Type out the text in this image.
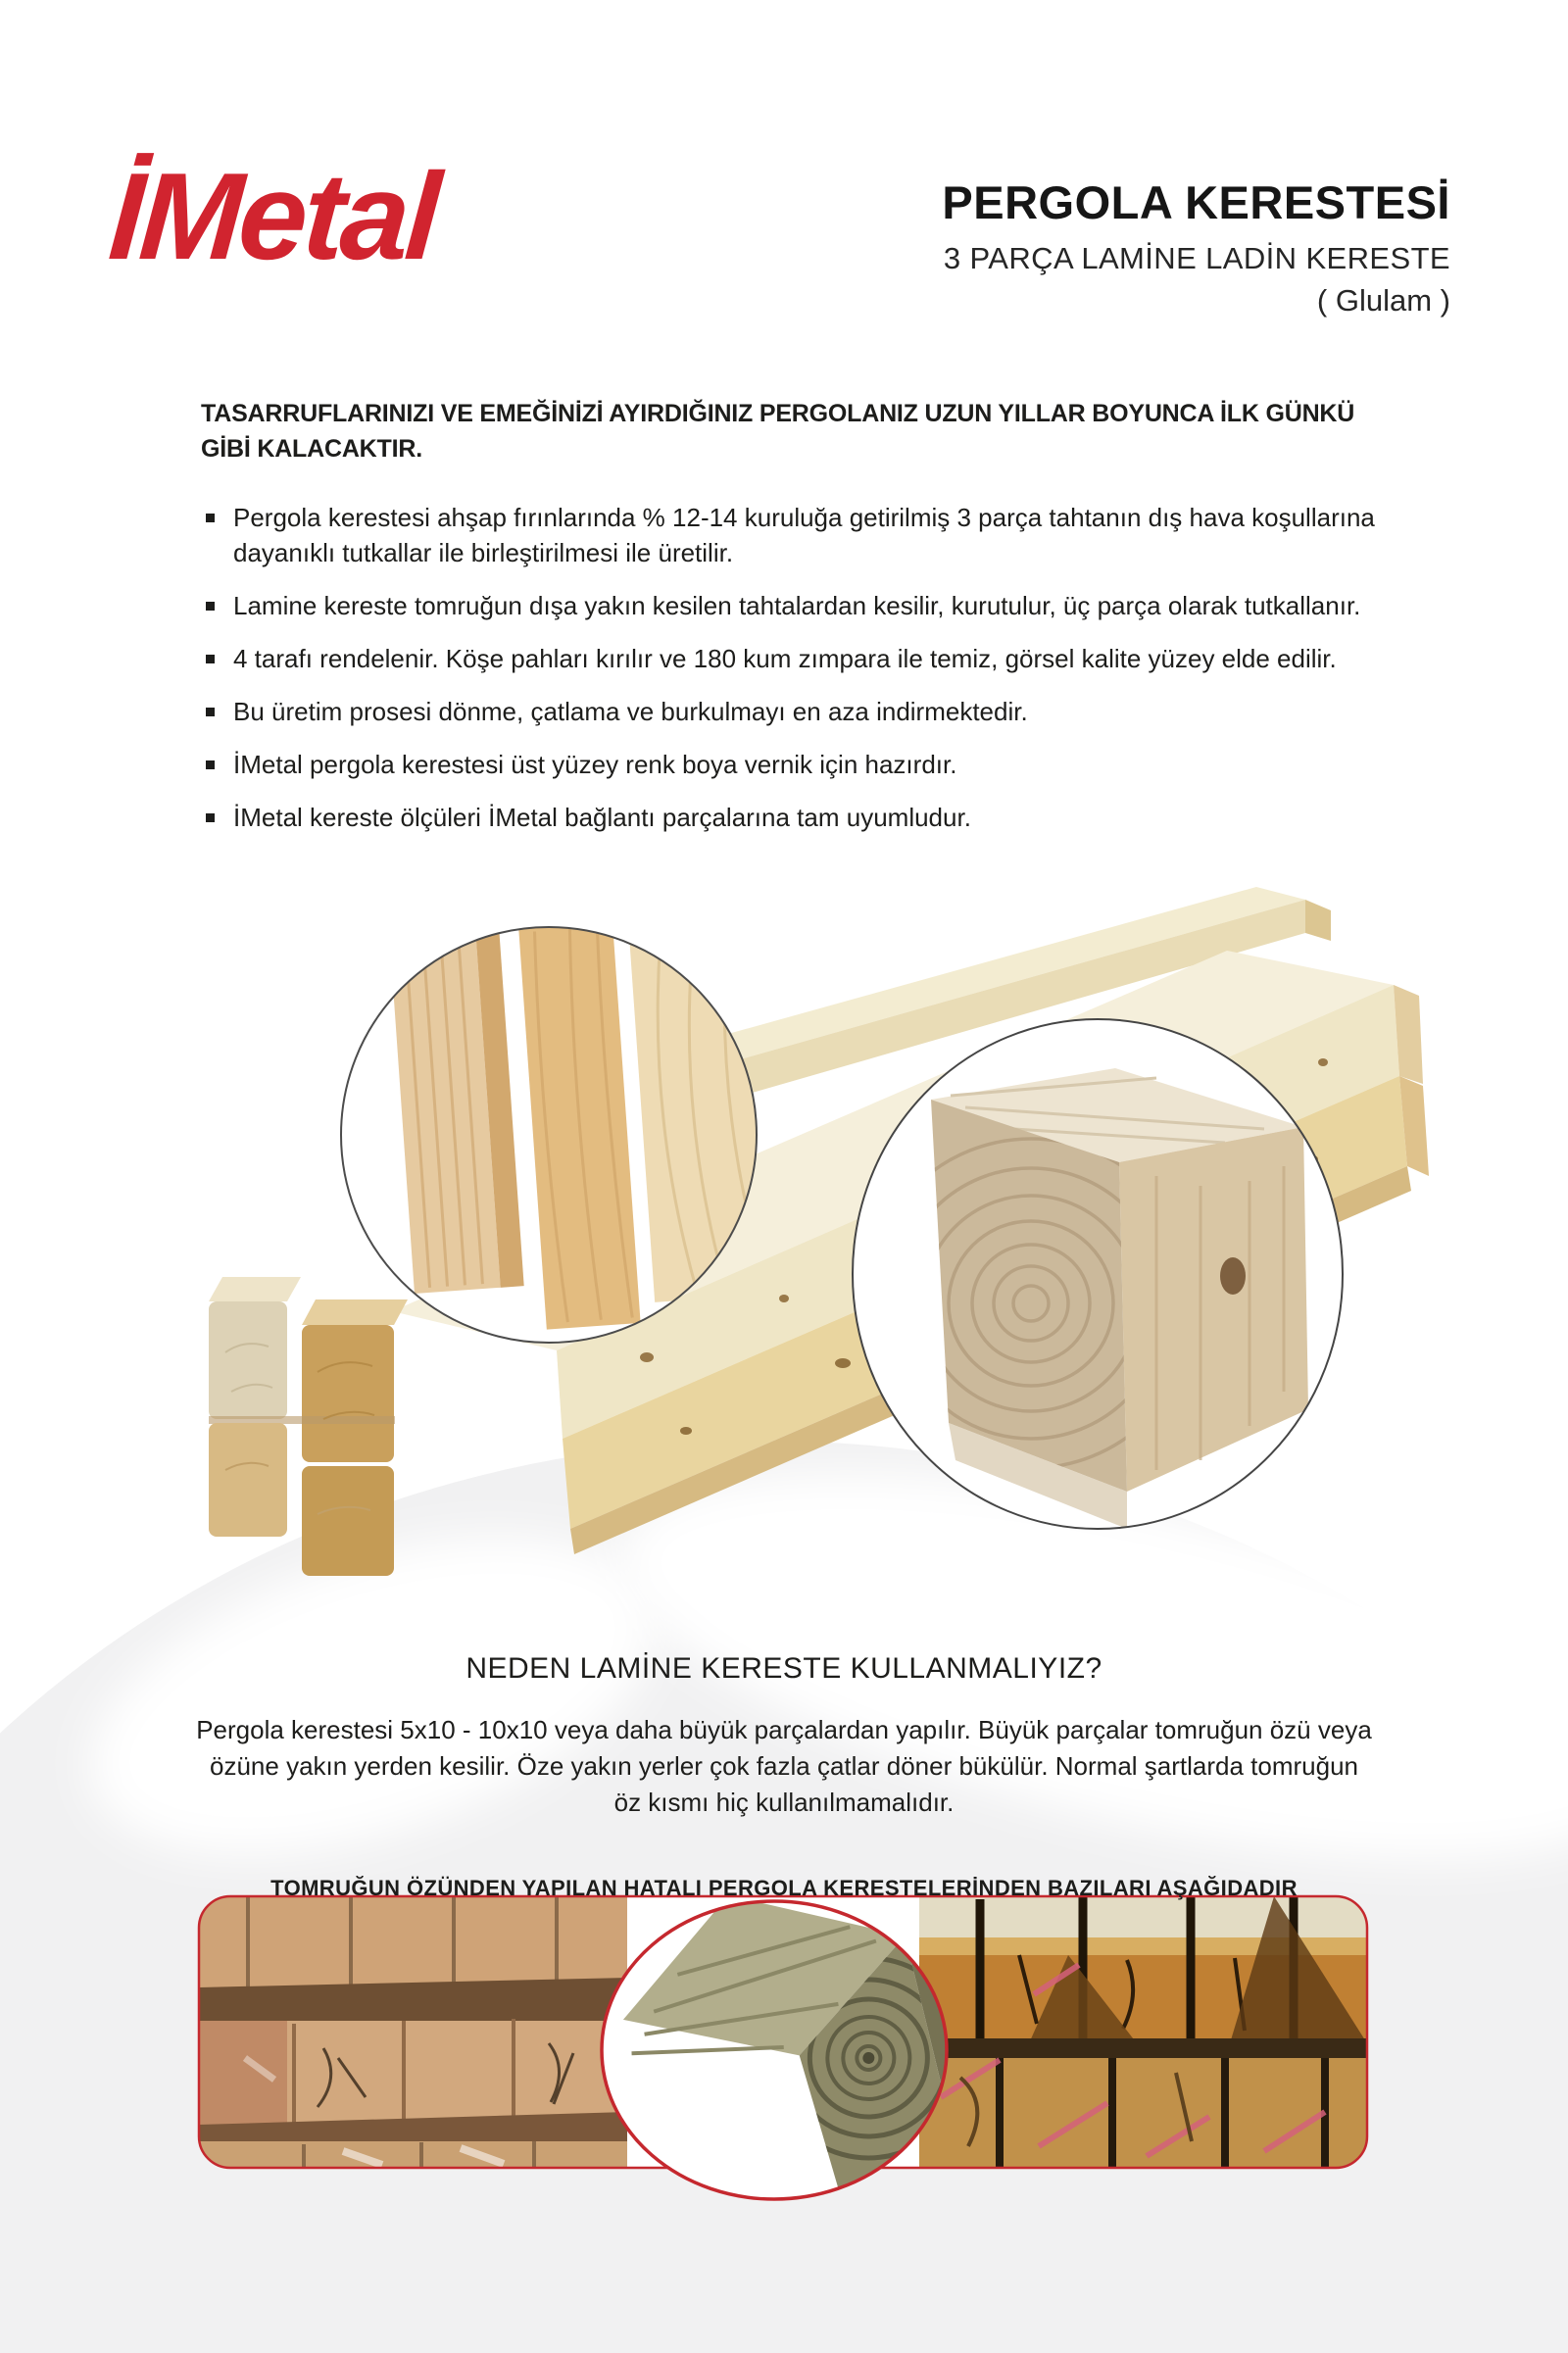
İMetal	PERGOLA KERESTESİ
3 PARÇA LAMİNE LADİN KERESTE
( Glulam )
TASARRUFLARINIZI VE EMEĞİNİZİ AYIRDIĞINIZ PERGOLANIZ UZUN YILLAR BOYUNCA İLK GÜNKÜ GİBİ KALACAKTIR.
Pergola kerestesi ahşap fırınlarında % 12-14 kuruluğa getirilmiş 3 parça tahtanın dış hava koşullarına dayanıklı tutkallar ile birleştirilmesi ile üretilir.
Lamine kereste tomruğun dışa yakın kesilen tahtalardan kesilir, kurutulur, üç parça olarak tutkallanır.
4 tarafı rendelenir. Köşe pahları kırılır ve 180 kum zımpara ile temiz, görsel kalite yüzey elde edilir.
Bu üretim prosesi dönme, çatlama ve burkulmayı en aza indirmektedir.
İMetal pergola kerestesi üst yüzey renk boya vernik için hazırdır.
İMetal kereste ölçüleri İMetal bağlantı parçalarına tam uyumludur.
NEDEN LAMİNE KERESTE KULLANMALIYIZ?

Pergola kerestesi 5x10 - 10x10 veya daha büyük parçalardan yapılır. Büyük parçalar tomruğun özü veya özüne yakın yerden kesilir. Öze yakın yerler çok fazla çatlar döner bükülür. Normal şartlarda tomruğun öz kısmı hiç kullanılmamalıdır.

TOMRUĞUN ÖZÜNDEN YAPILAN HATALI PERGOLA KERESTELERİNDEN BAZILARI AŞAĞIDADIR
